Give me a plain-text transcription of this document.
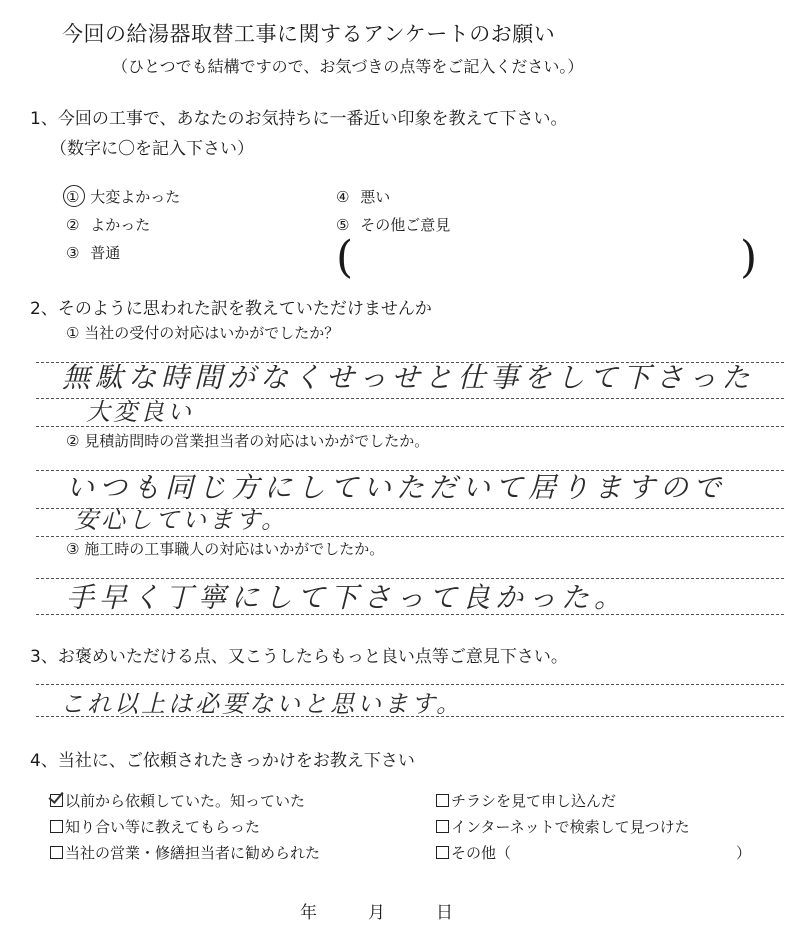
今回の給湯器取替工事に関するアンケートのお願い
（ひとつでも結構ですので、お気づきの点等をご記入ください。）
1、今回の工事で、あなたのお気持ちに一番近い印象を教えて下さい。
（数字に〇を記入下さい）
① 大変よかった
② よかった
③ 普通
④ 悪い
⑤ その他ご意見
(	)
2、そのように思われた訳を教えていただけませんか
① 当社の受付の対応はいかがでしたか？
無駄な時間がなくせっせと仕事をして下さった
大変良い
② 見積訪問時の営業担当者の対応はいかがでしたか。
いつも同じ方にしていただいて居りますので
安心しています。
③ 施工時の工事職人の対応はいかがでしたか。
手早く丁寧にして下さって良かった。
3、お褒めいただける点、又こうしたらもっと良い点等ご意見下さい。
これ以上は必要ないと思います。
4、当社に、ご依頼されたきっかけをお教え下さい
以前から依頼していた。知っていた
知り合い等に教えてもらった
当社の営業・修繕担当者に勧められた
チラシを見て申し込んだ
インターネットで検索して見つけた
その他（	）
年	月	日
